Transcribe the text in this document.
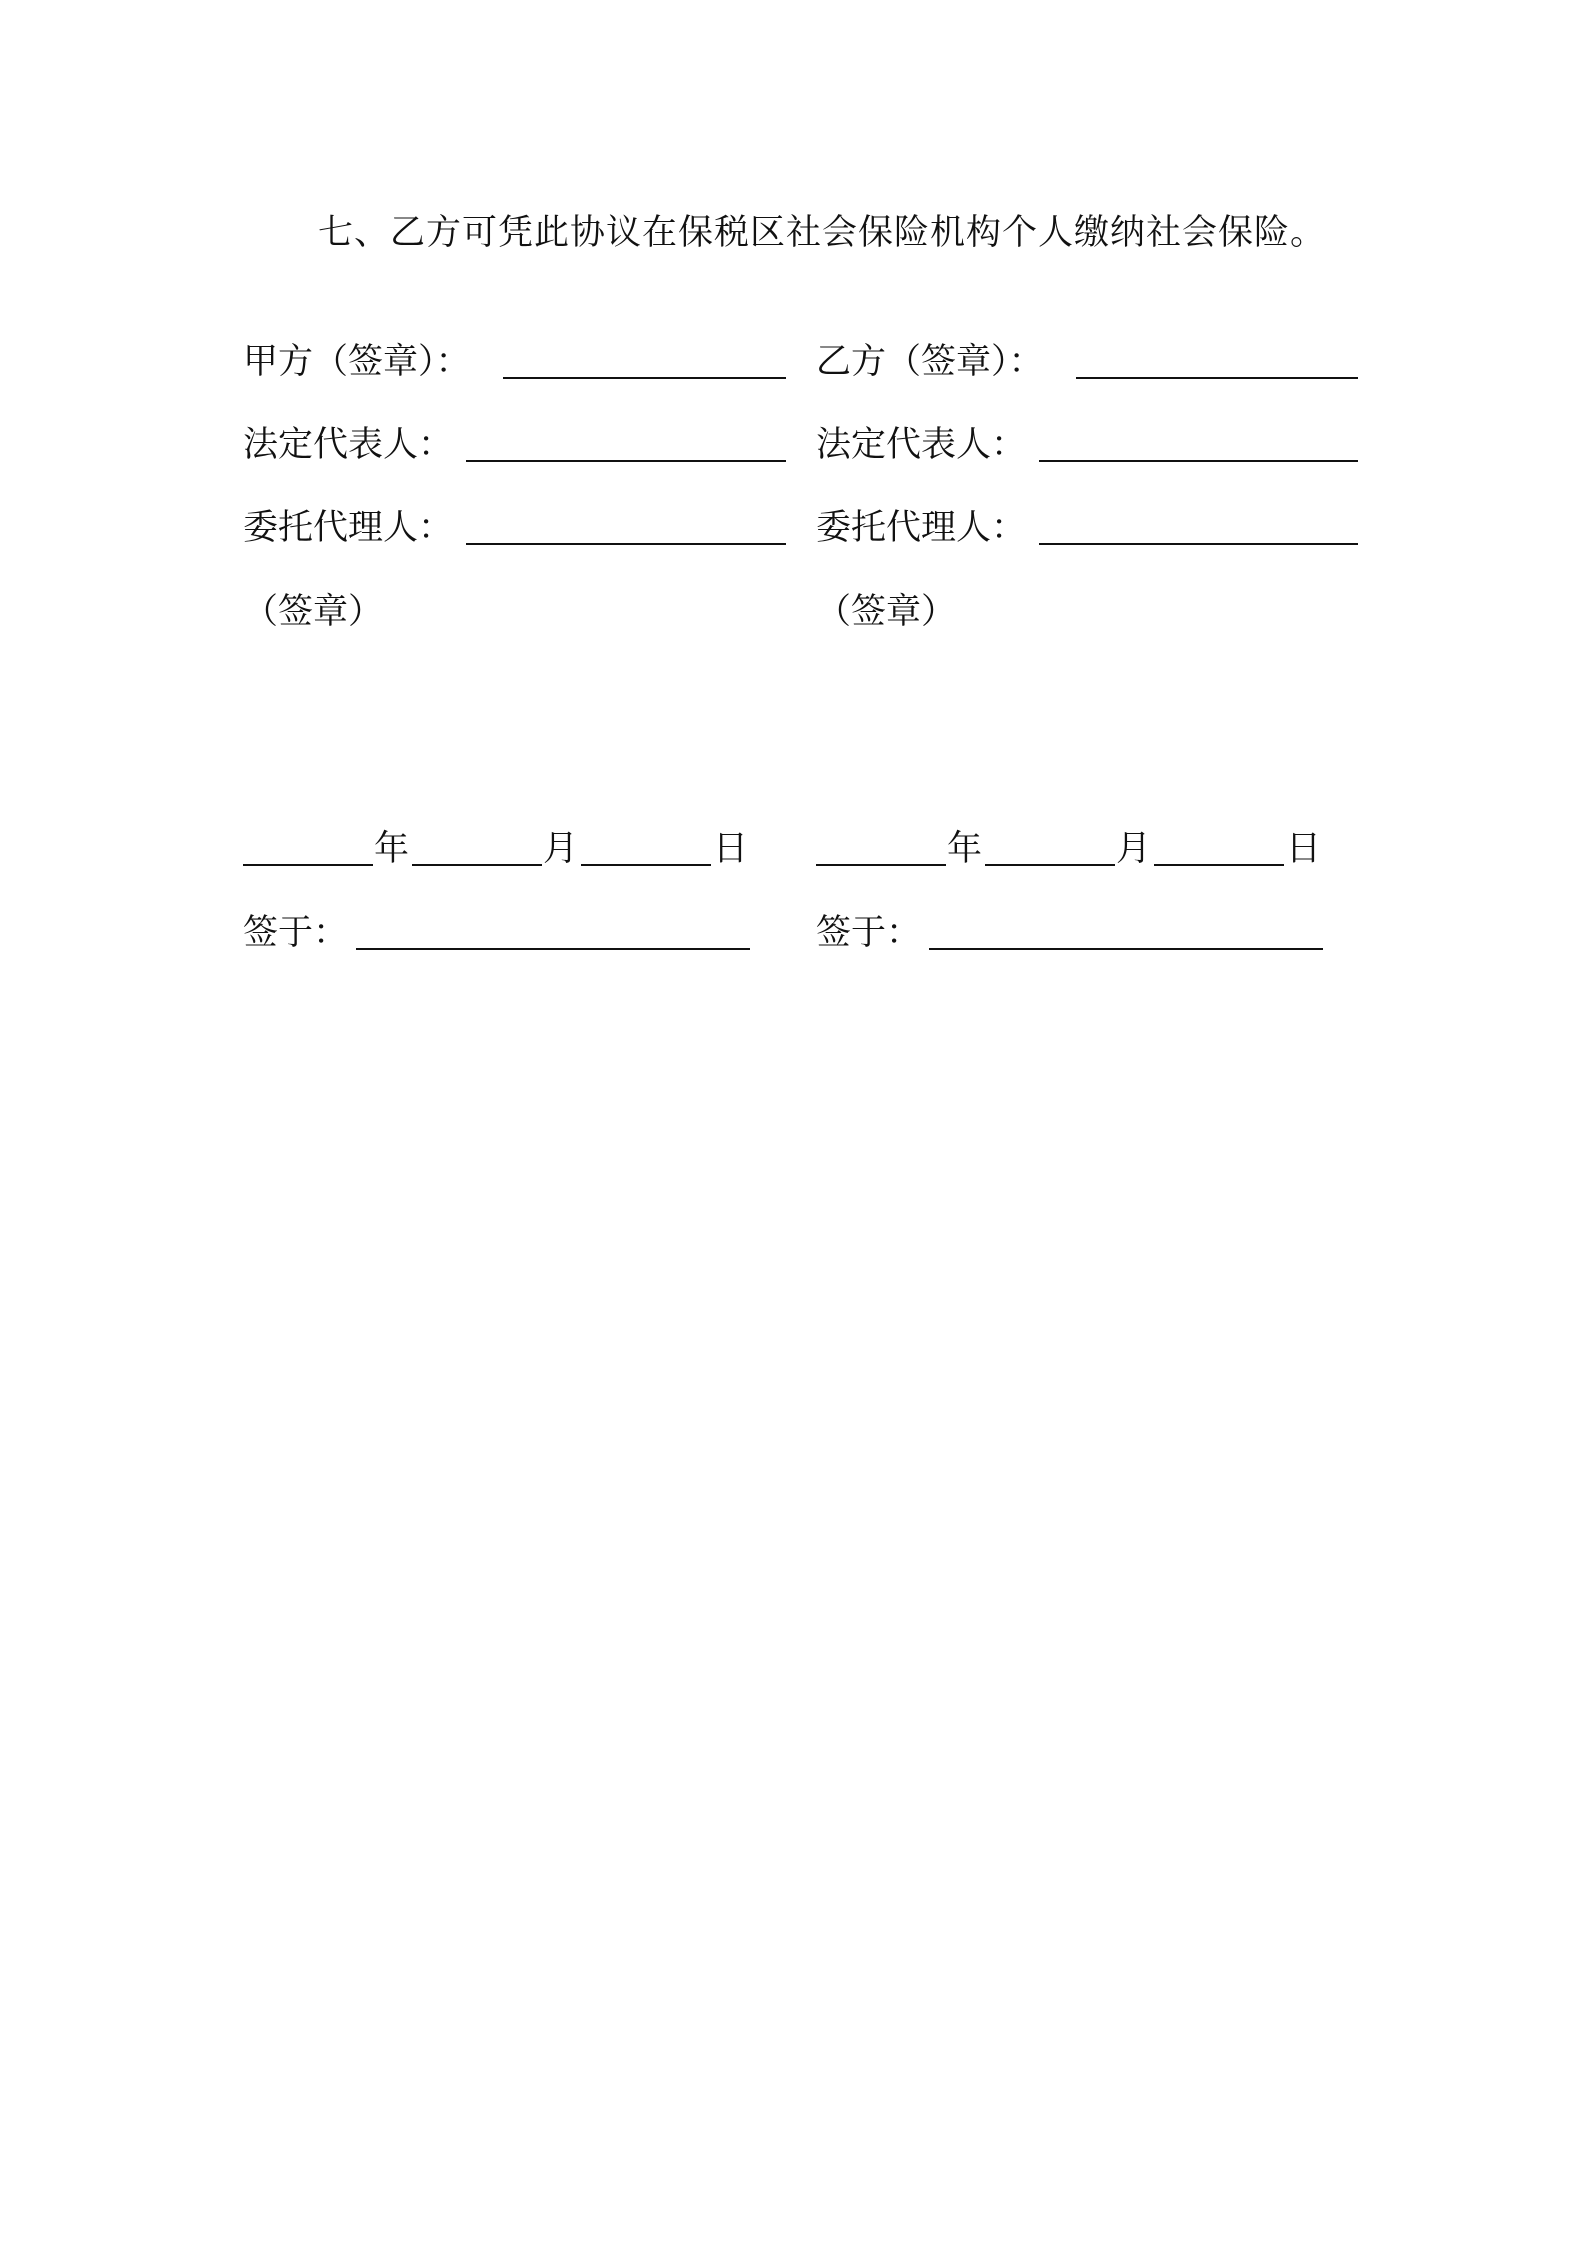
七、乙方可凭此协议在保税区社会保险机构个人缴纳社会保险。
甲方（签章）：
法定代表人：
委托代理人：
（签章）
年	月	日
签于：
乙方（签章）：
法定代表人：
委托代理人：
（签章）
年	月	日
签于：
